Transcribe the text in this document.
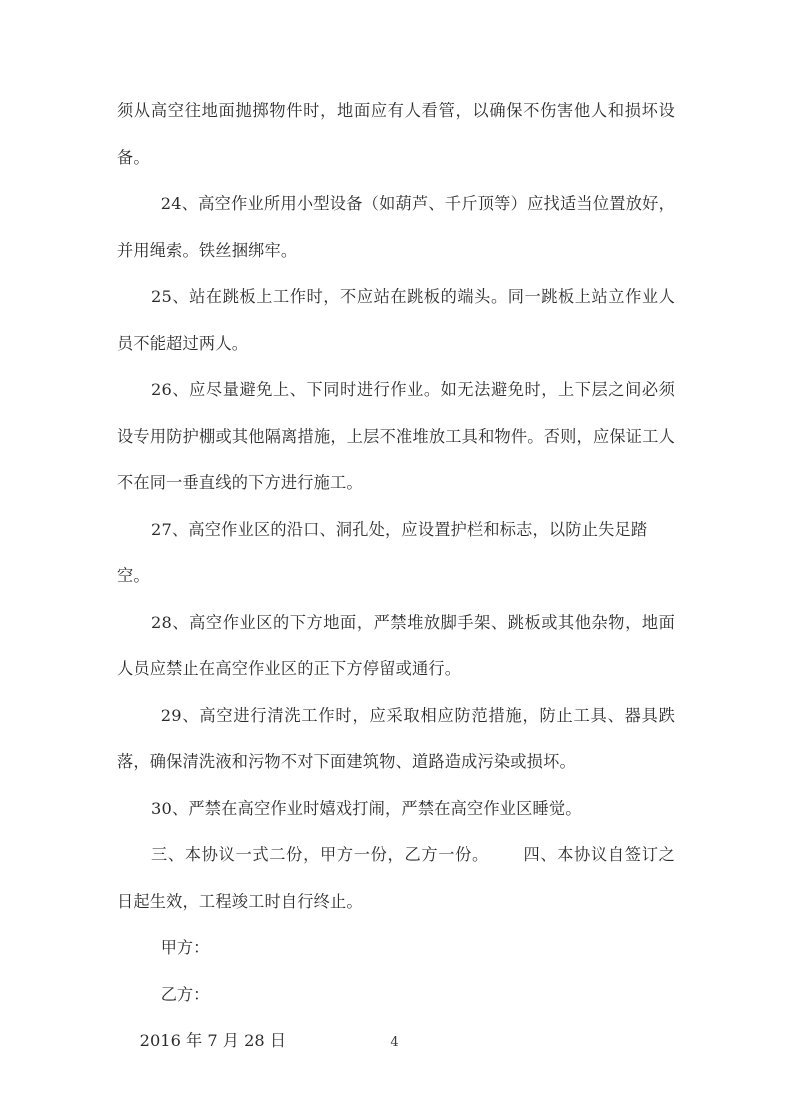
须从高空往地面抛掷物件时，地面应有人看管，以确保不伤害他人和损坏设备。

24、高空作业所用小型设备（如葫芦、千斤顶等）应找适当位置放好，并用绳索。铁丝捆绑牢。

25、站在跳板上工作时，不应站在跳板的端头。同一跳板上站立作业人员不能超过两人。

26、应尽量避免上、下同时进行作业。如无法避免时，上下层之间必须设专用防护棚或其他隔离措施，上层不准堆放工具和物件。否则，应保证工人不在同一垂直线的下方进行施工。

27、高空作业区的沿口、洞孔处，应设置护栏和标志，以防止失足踏空。

28、高空作业区的下方地面，严禁堆放脚手架、跳板或其他杂物，地面人员应禁止在高空作业区的正下方停留或通行。

29、高空进行清洗工作时，应采取相应防范措施，防止工具、器具跌落，确保清洗液和污物不对下面建筑物、道路造成污染或损坏。

30、严禁在高空作业时嬉戏打闹，严禁在高空作业区睡觉。

三、本协议一式二份，甲方一份，乙方一份。 四、本协议自签订之日起生效，工程竣工时自行终止。

甲方：

乙方：

2016 年 7 月 28 日	4
